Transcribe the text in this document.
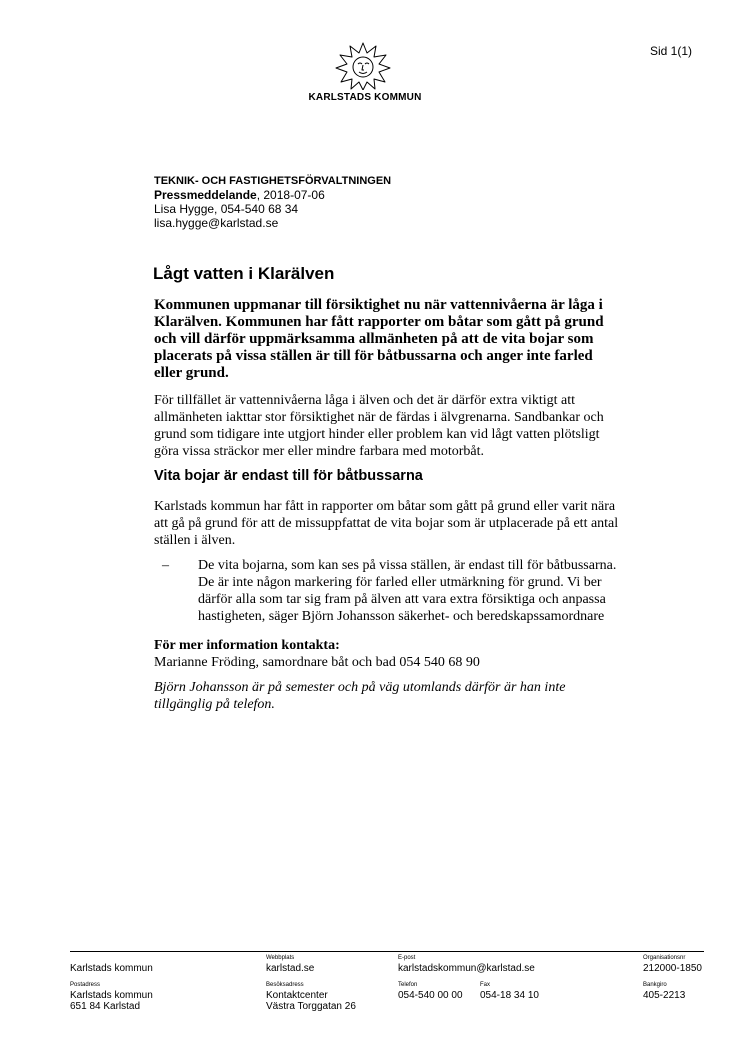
Sid 1(1)
KARLSTADS KOMMUN
TEKNIK- OCH FASTIGHETSFÖRVALTNINGEN
Pressmeddelande, 2018-07-06
Lisa Hygge, 054-540 68 34
lisa.hygge@karlstad.se
Lågt vatten i Klarälven

Kommunen uppmanar till försiktighet nu när vattennivåerna är låga i Klarälven. Kommunen har fått rapporter om båtar som gått på grund och vill därför uppmärksamma allmänheten på att de vita bojar som placerats på vissa ställen är till för båtbussarna och anger inte farled eller grund.

För tillfället är vattennivåerna låga i älven och det är därför extra viktigt att allmänheten iakttar stor försiktighet när de färdas i älvgrenarna. Sandbankar och grund som tidigare inte utgjort hinder eller problem kan vid lågt vatten plötsligt göra vissa sträckor mer eller mindre farbara med motorbåt.

Vita bojar är endast till för båtbussarna

Karlstads kommun har fått in rapporter om båtar som gått på grund eller varit nära att gå på grund för att de missuppfattat de vita bojar som är utplacerade på ett antal ställen i älven.

–	De vita bojarna, som kan ses på vissa ställen, är endast till för båtbussarna. De är inte någon markering för farled eller utmärkning för grund. Vi ber därför alla som tar sig fram på älven att vara extra försiktiga och anpassa hastigheten, säger Björn Johansson säkerhet- och beredskapssamordnare
För mer information kontakta:
Marianne Fröding, samordnare båt och bad 054 540 68 90

Björn Johansson är på semester och på väg utomlands därför är han inte tillgänglig på telefon.

Karlstads kommun
Webbplats
karlstad.se
E-post
karlstadskommun@karlstad.se
Organisationsnr
212000-1850
Postadress
Karlstads kommun
651 84 Karlstad
Besöksadress
Kontaktcenter
Västra Torggatan 26
Telefon
054-540 00 00
Fax
054-18 34 10
Bankgiro
405-2213
